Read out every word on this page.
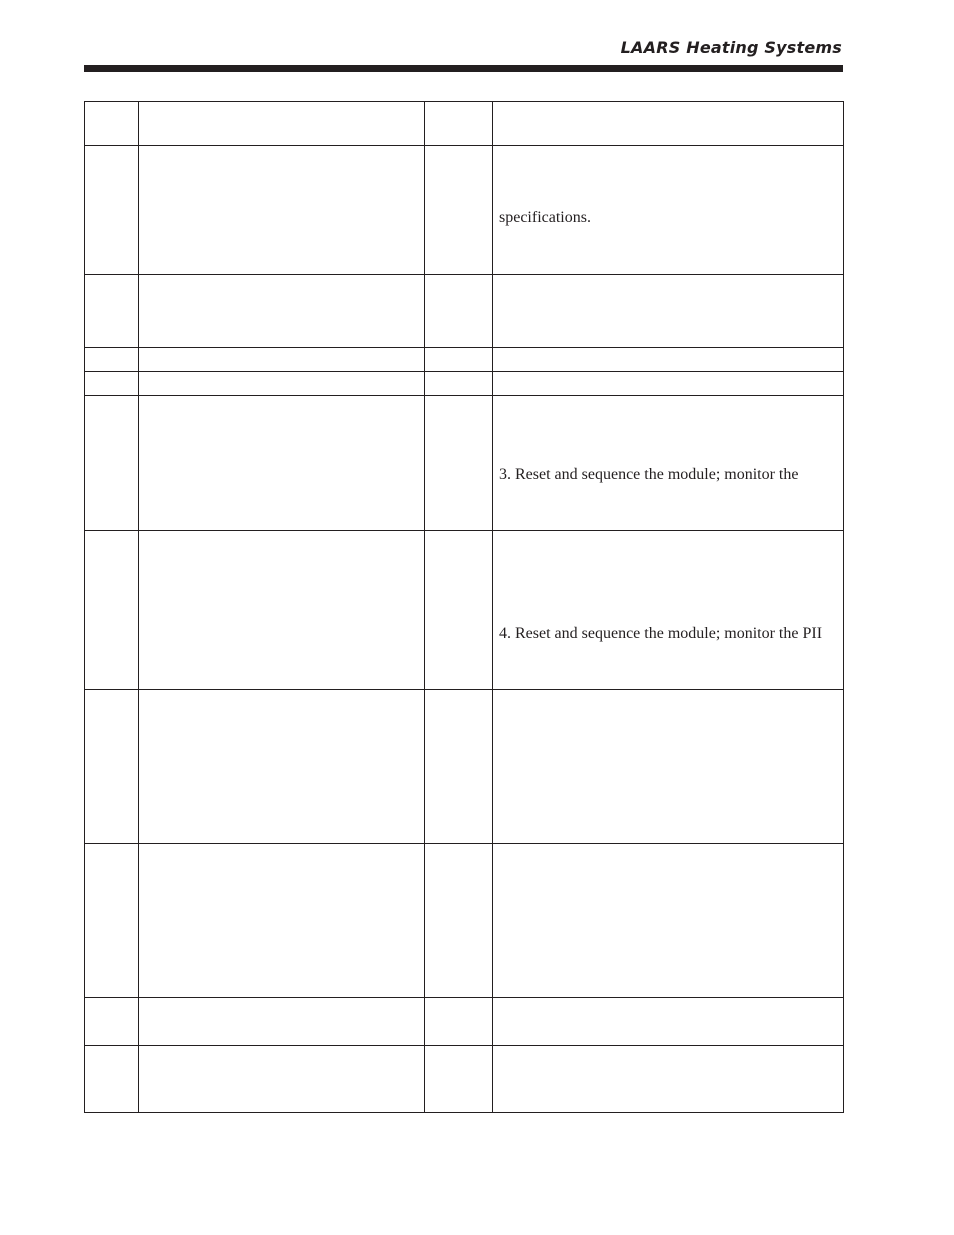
LAARS Heating Systems

			specifications.

			3. Reset and sequence the module; monitor the

			4. Reset and sequence the module; monitor the PII
